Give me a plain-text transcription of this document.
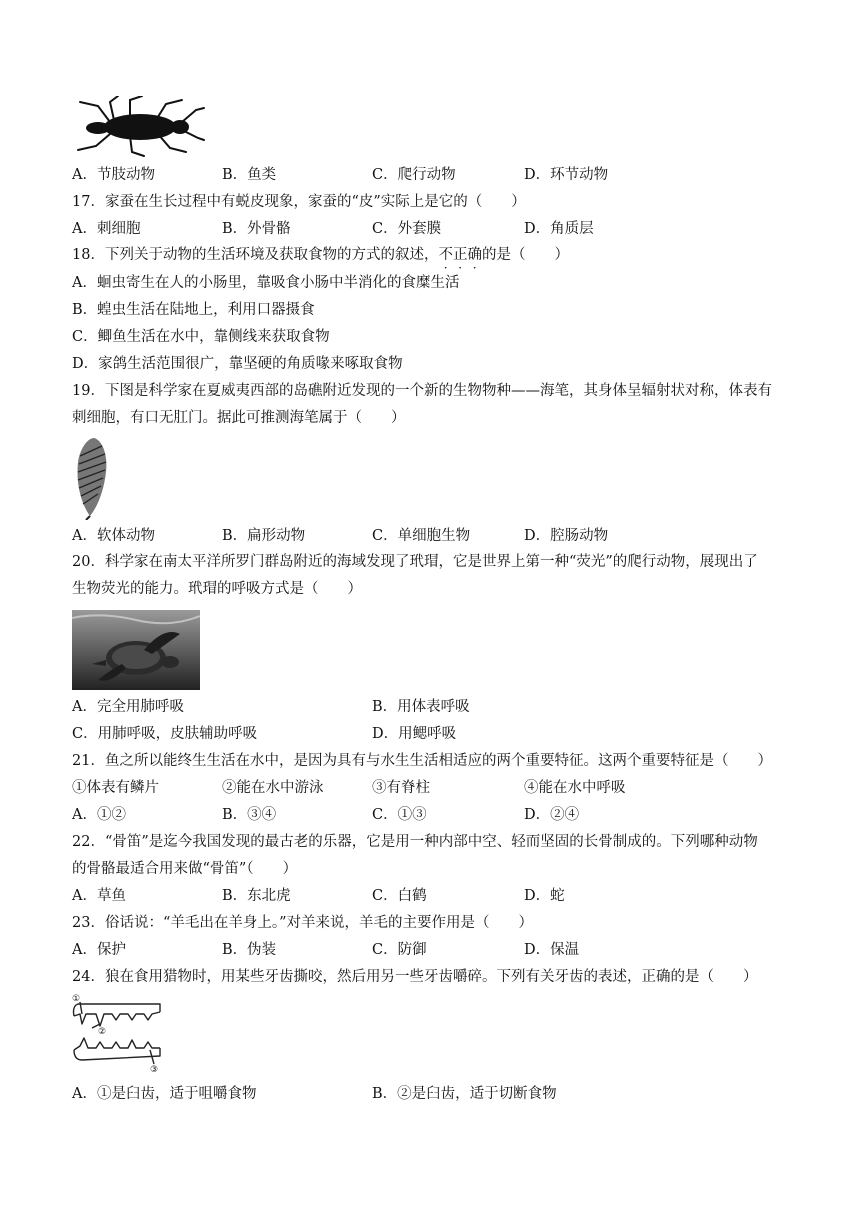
A．节肢动物	B．鱼类	C．爬行动物	D．环节动物
17．家蚕在生长过程中有蜕皮现象，家蚕的“皮”实际上是它的（　　）
A．刺细胞	B．外骨骼	C．外套膜	D．角质层
18．下列关于动物的生活环境及获取食物的方式的叙述，不
·
正
·
确
·
的是（　　）
A．蛔虫寄生在人的小肠里，靠吸食小肠中半消化的食糜生活
B．蝗虫生活在陆地上，利用口器摄食
C．鲫鱼生活在水中，靠侧线来获取食物
D．家鸽生活范围很广，靠坚硬的角质喙来啄取食物
19．下图是科学家在夏威夷西部的岛礁附近发现的一个新的生物物种——海笔，其身体呈辐射状对称，体表有
刺细胞，有口无肛门。据此可推测海笔属于（　　）
A．软体动物	B．扁形动物	C．单细胞生物	D．腔肠动物
20．科学家在南太平洋所罗门群岛附近的海域发现了玳瑁，它是世界上第一种“荧光”的爬行动物，展现出了
生物荧光的能力。玳瑁的呼吸方式是（　　）
A．完全用肺呼吸	B．用体表呼吸
C．用肺呼吸，皮肤辅助呼吸	D．用鳃呼吸
21．鱼之所以能终生生活在水中，是因为具有与水生生活相适应的两个重要特征。这两个重要特征是（　　）
①体表有鳞片	②能在水中游泳	③有脊柱	④能在水中呼吸
A．①②	B．③④	C．①③	D．②④
22．“骨笛”是迄今我国发现的最古老的乐器，它是用一种内部中空、轻而坚固的长骨制成的。下列哪种动物
的骨骼最适合用来做“骨笛”（　　）
A．草鱼	B．东北虎	C．白鹤	D．蛇
23．俗话说：“羊毛出在羊身上。”对羊来说，羊毛的主要作用是（　　）
A．保护	B．伪装	C．防御	D．保温
24．狼在食用猎物时，用某些牙齿撕咬，然后用另一些牙齿嚼碎。下列有关牙齿的表述，正确的是（　　）
①
②
③
A．①是臼齿，适于咀嚼食物	B．②是臼齿，适于切断食物
